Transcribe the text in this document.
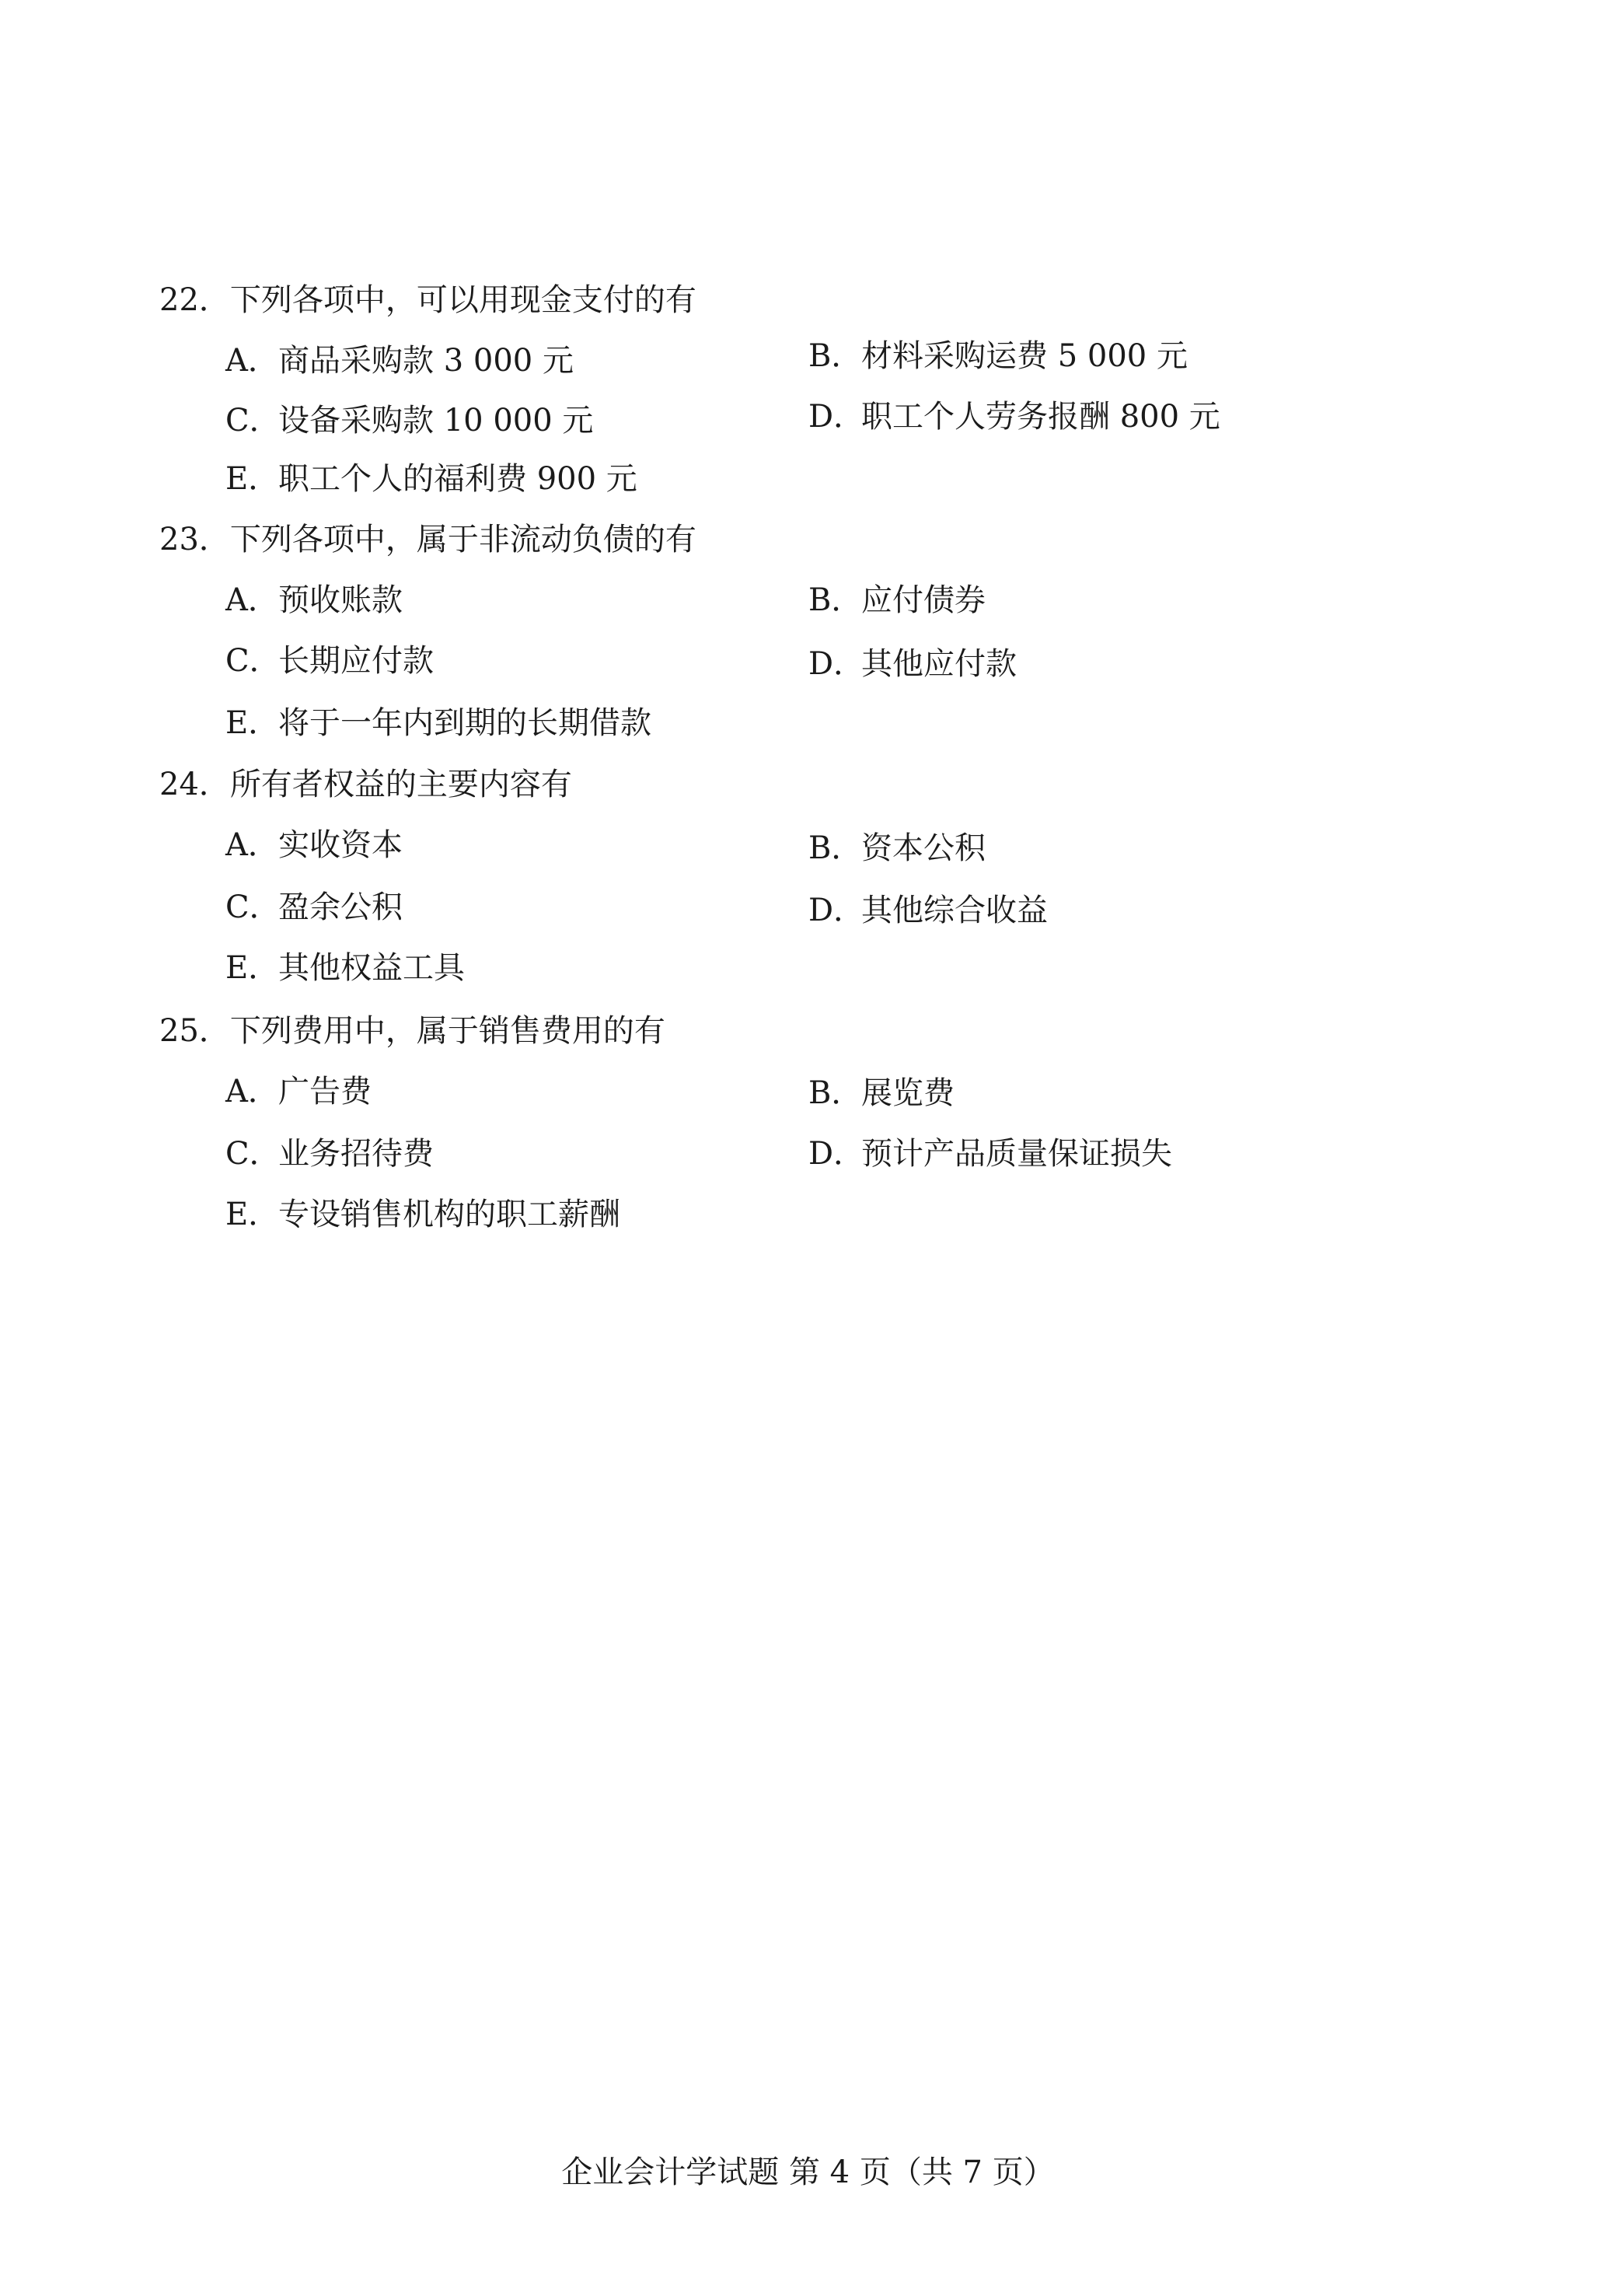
22．下列各项中，可以用现金支付的有
A．商品采购款 3 000 元	B．材料采购运费 5 000 元
C．设备采购款 10 000 元	D．职工个人劳务报酬 800 元
E．职工个人的福利费 900 元
23．下列各项中，属于非流动负债的有
A．预收账款	B．应付债券
C．长期应付款	D．其他应付款
E．将于一年内到期的长期借款
24．所有者权益的主要内容有
A．实收资本	B．资本公积
C．盈余公积	D．其他综合收益
E．其他权益工具
25．下列费用中，属于销售费用的有
A．广告费	B．展览费
C．业务招待费	D．预计产品质量保证损失
E．专设销售机构的职工薪酬
企业会计学试题 第 4 页（共 7 页）
